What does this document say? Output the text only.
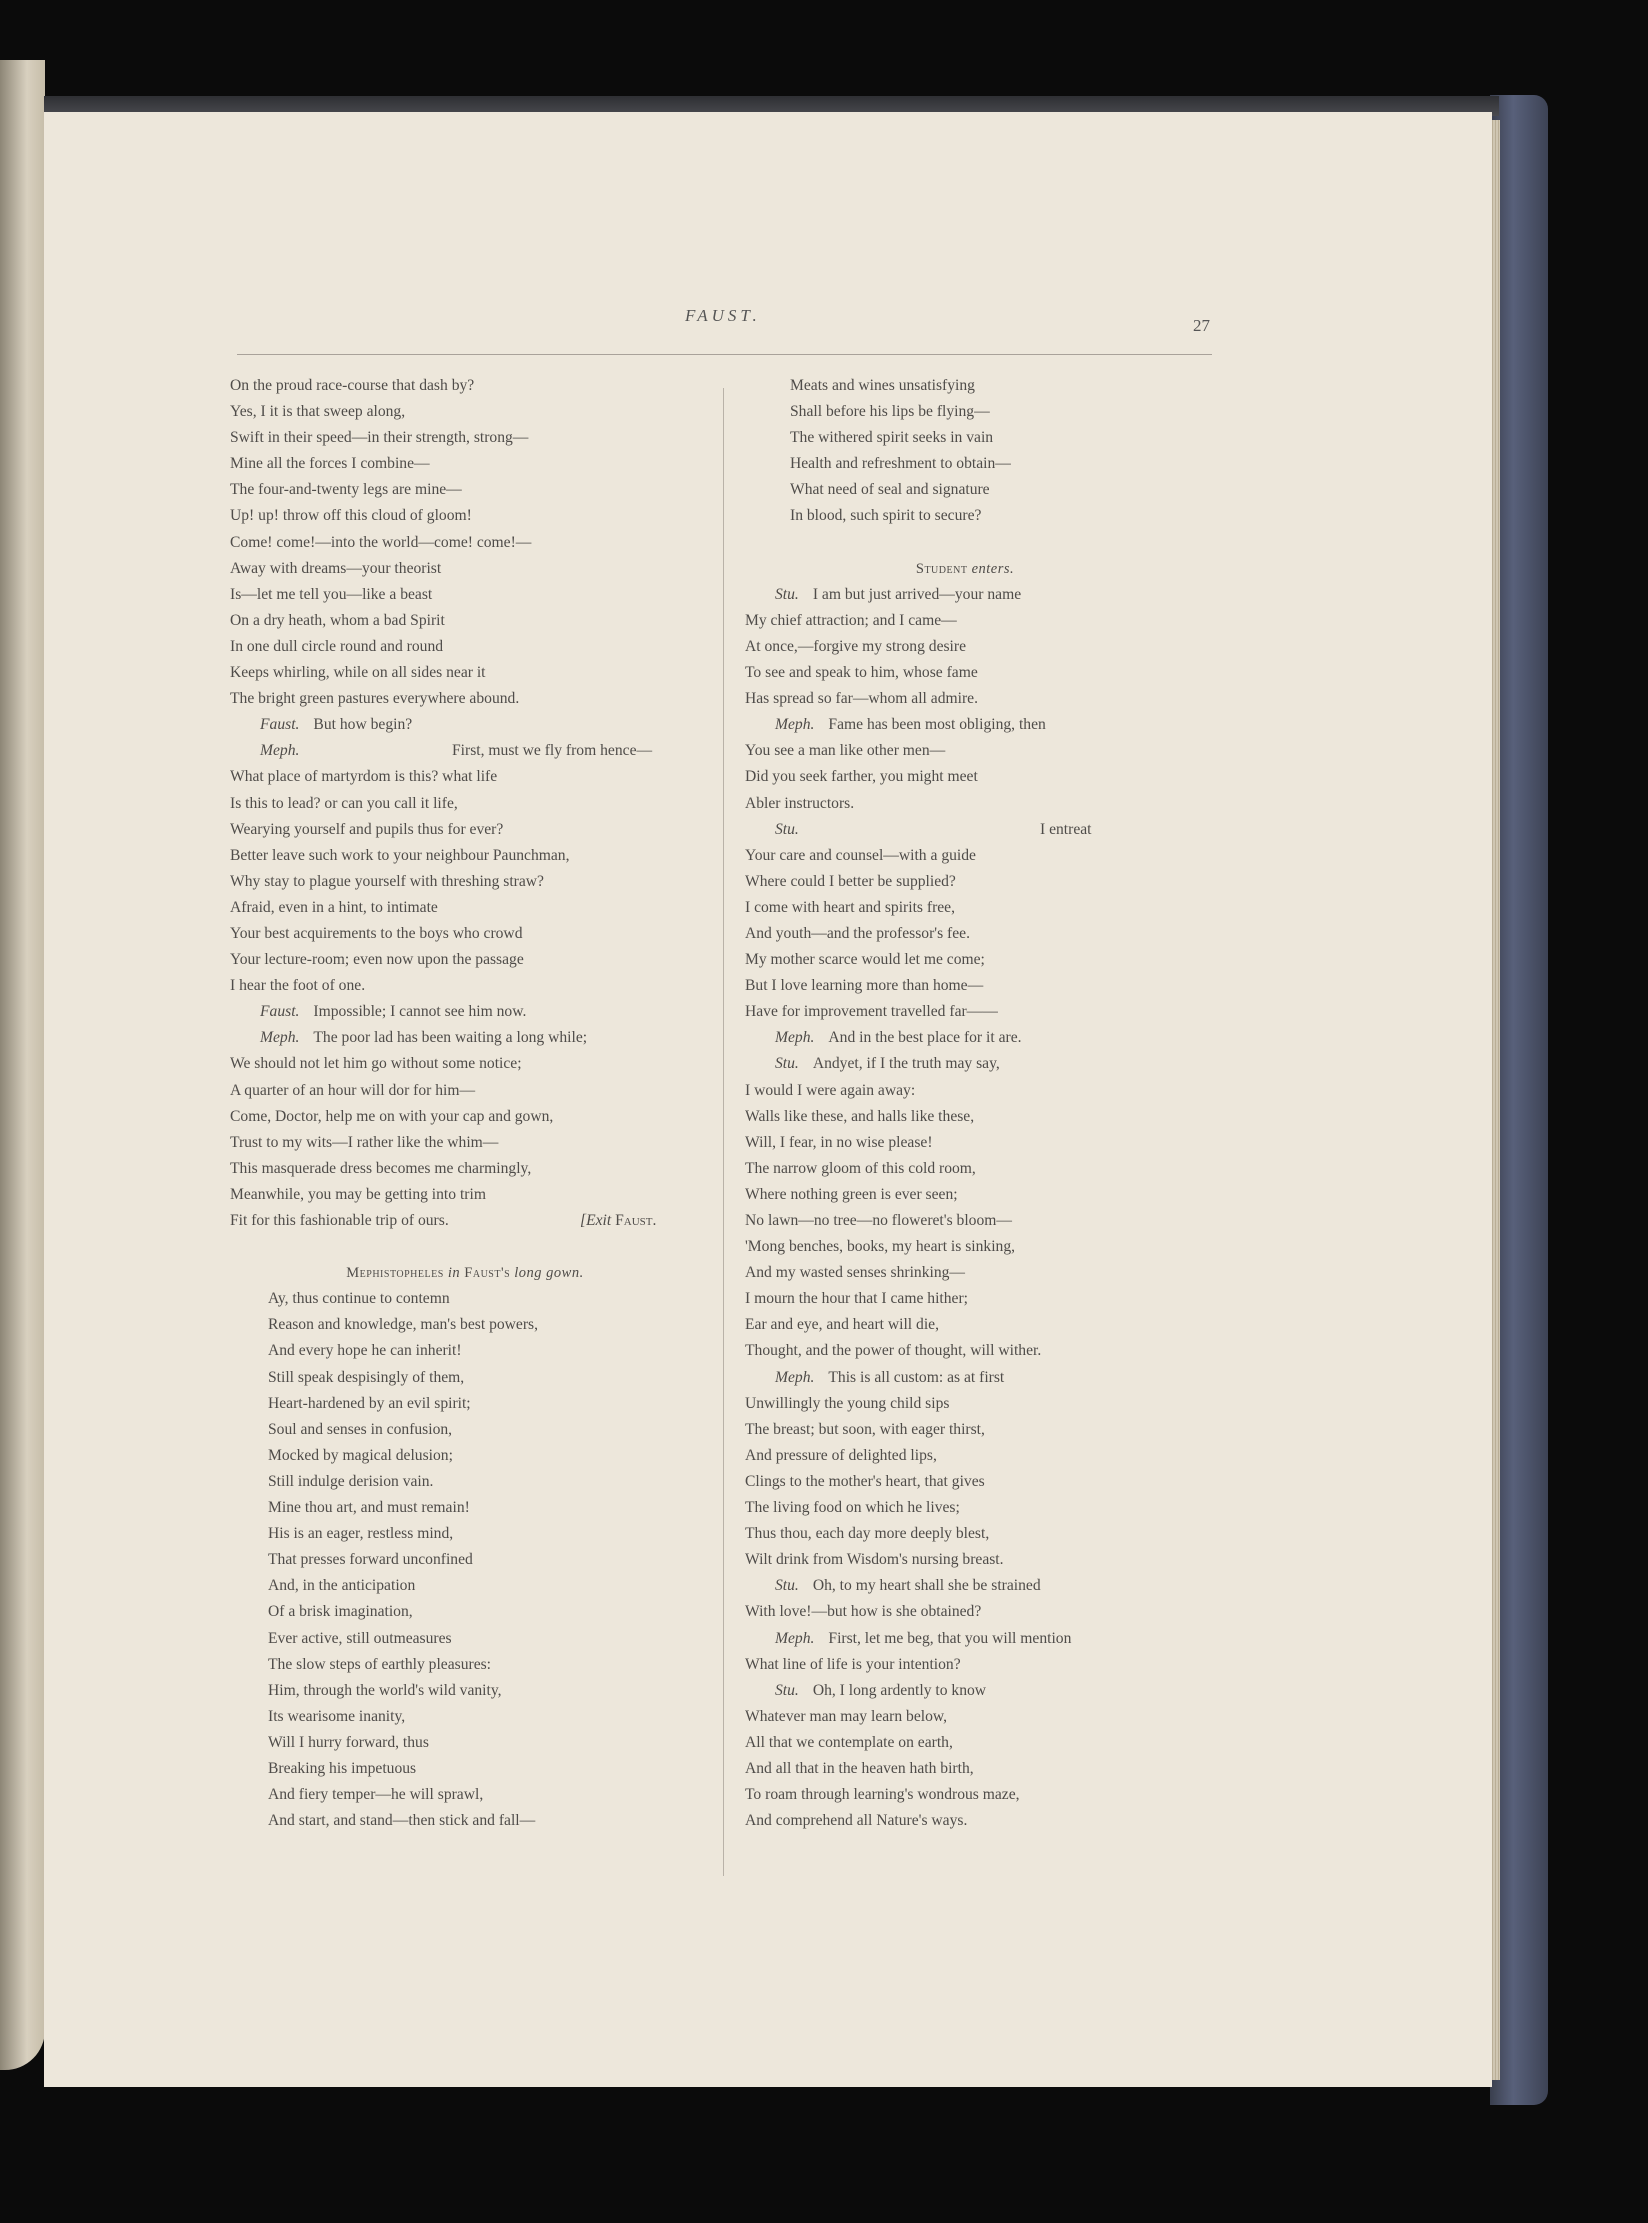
FAUST.
27
On the proud race-course that dash by?
Yes, I it is that sweep along,
Swift in their speed—in their strength, strong—
Mine all the forces I combine—
The four-and-twenty legs are mine—
Up! up! throw off this cloud of gloom!
Come! come!—into the world—come! come!—
Away with dreams—your theorist
Is—let me tell you—like a beast
On a dry heath, whom a bad Spirit
In one dull circle round and round
Keeps whirling, while on all sides near it
The bright green pastures everywhere abound.
Faust. But how begin?
Meph.	First, must we fly from hence—
What place of martyrdom is this? what life
Is this to lead? or can you call it life,
Wearying yourself and pupils thus for ever?
Better leave such work to your neighbour Paunchman,
Why stay to plague yourself with threshing straw?
Afraid, even in a hint, to intimate
Your best acquirements to the boys who crowd
Your lecture-room; even now upon the passage
I hear the foot of one.
Faust. Impossible; I cannot see him now.
Meph. The poor lad has been waiting a long while;
We should not let him go without some notice;
A quarter of an hour will dor for him—
Come, Doctor, help me on with your cap and gown,
Trust to my wits—I rather like the whim—
This masquerade dress becomes me charmingly,
Meanwhile, you may be getting into trim
Fit for this fashionable trip of ours.	[Exit Faust.
Mephistopheles in Faust's long gown.
Ay, thus continue to contemn
Reason and knowledge, man's best powers,
And every hope he can inherit!
Still speak despisingly of them,
Heart-hardened by an evil spirit;
Soul and senses in confusion,
Mocked by magical delusion;
Still indulge derision vain.
Mine thou art, and must remain!
His is an eager, restless mind,
That presses forward unconfined
And, in the anticipation
Of a brisk imagination,
Ever active, still outmeasures
The slow steps of earthly pleasures:
Him, through the world's wild vanity,
Its wearisome inanity,
Will I hurry forward, thus
Breaking his impetuous
And fiery temper—he will sprawl,
And start, and stand—then stick and fall—
Meats and wines unsatisfying
Shall before his lips be flying—
The withered spirit seeks in vain
Health and refreshment to obtain—
What need of seal and signature
In blood, such spirit to secure?
Student enters.
Stu. I am but just arrived—your name
My chief attraction; and I came—
At once,—forgive my strong desire
To see and speak to him, whose fame
Has spread so far—whom all admire.
Meph. Fame has been most obliging, then
You see a man like other men—
Did you seek farther, you might meet
Abler instructors.
Stu.	I entreat
Your care and counsel—with a guide
Where could I better be supplied?
I come with heart and spirits free,
And youth—and the professor's fee.
My mother scarce would let me come;
But I love learning more than home—
Have for improvement travelled far——
Meph. And in the best place for it are.
Stu. Andyet, if I the truth may say,
I would I were again away:
Walls like these, and halls like these,
Will, I fear, in no wise please!
The narrow gloom of this cold room,
Where nothing green is ever seen;
No lawn—no tree—no floweret's bloom—
'Mong benches, books, my heart is sinking,
And my wasted senses shrinking—
I mourn the hour that I came hither;
Ear and eye, and heart will die,
Thought, and the power of thought, will wither.
Meph. This is all custom: as at first
Unwillingly the young child sips
The breast; but soon, with eager thirst,
And pressure of delighted lips,
Clings to the mother's heart, that gives
The living food on which he lives;
Thus thou, each day more deeply blest,
Wilt drink from Wisdom's nursing breast.
Stu. Oh, to my heart shall she be strained
With love!—but how is she obtained?
Meph. First, let me beg, that you will mention
What line of life is your intention?
Stu. Oh, I long ardently to know
Whatever man may learn below,
All that we contemplate on earth,
And all that in the heaven hath birth,
To roam through learning's wondrous maze,
And comprehend all Nature's ways.
